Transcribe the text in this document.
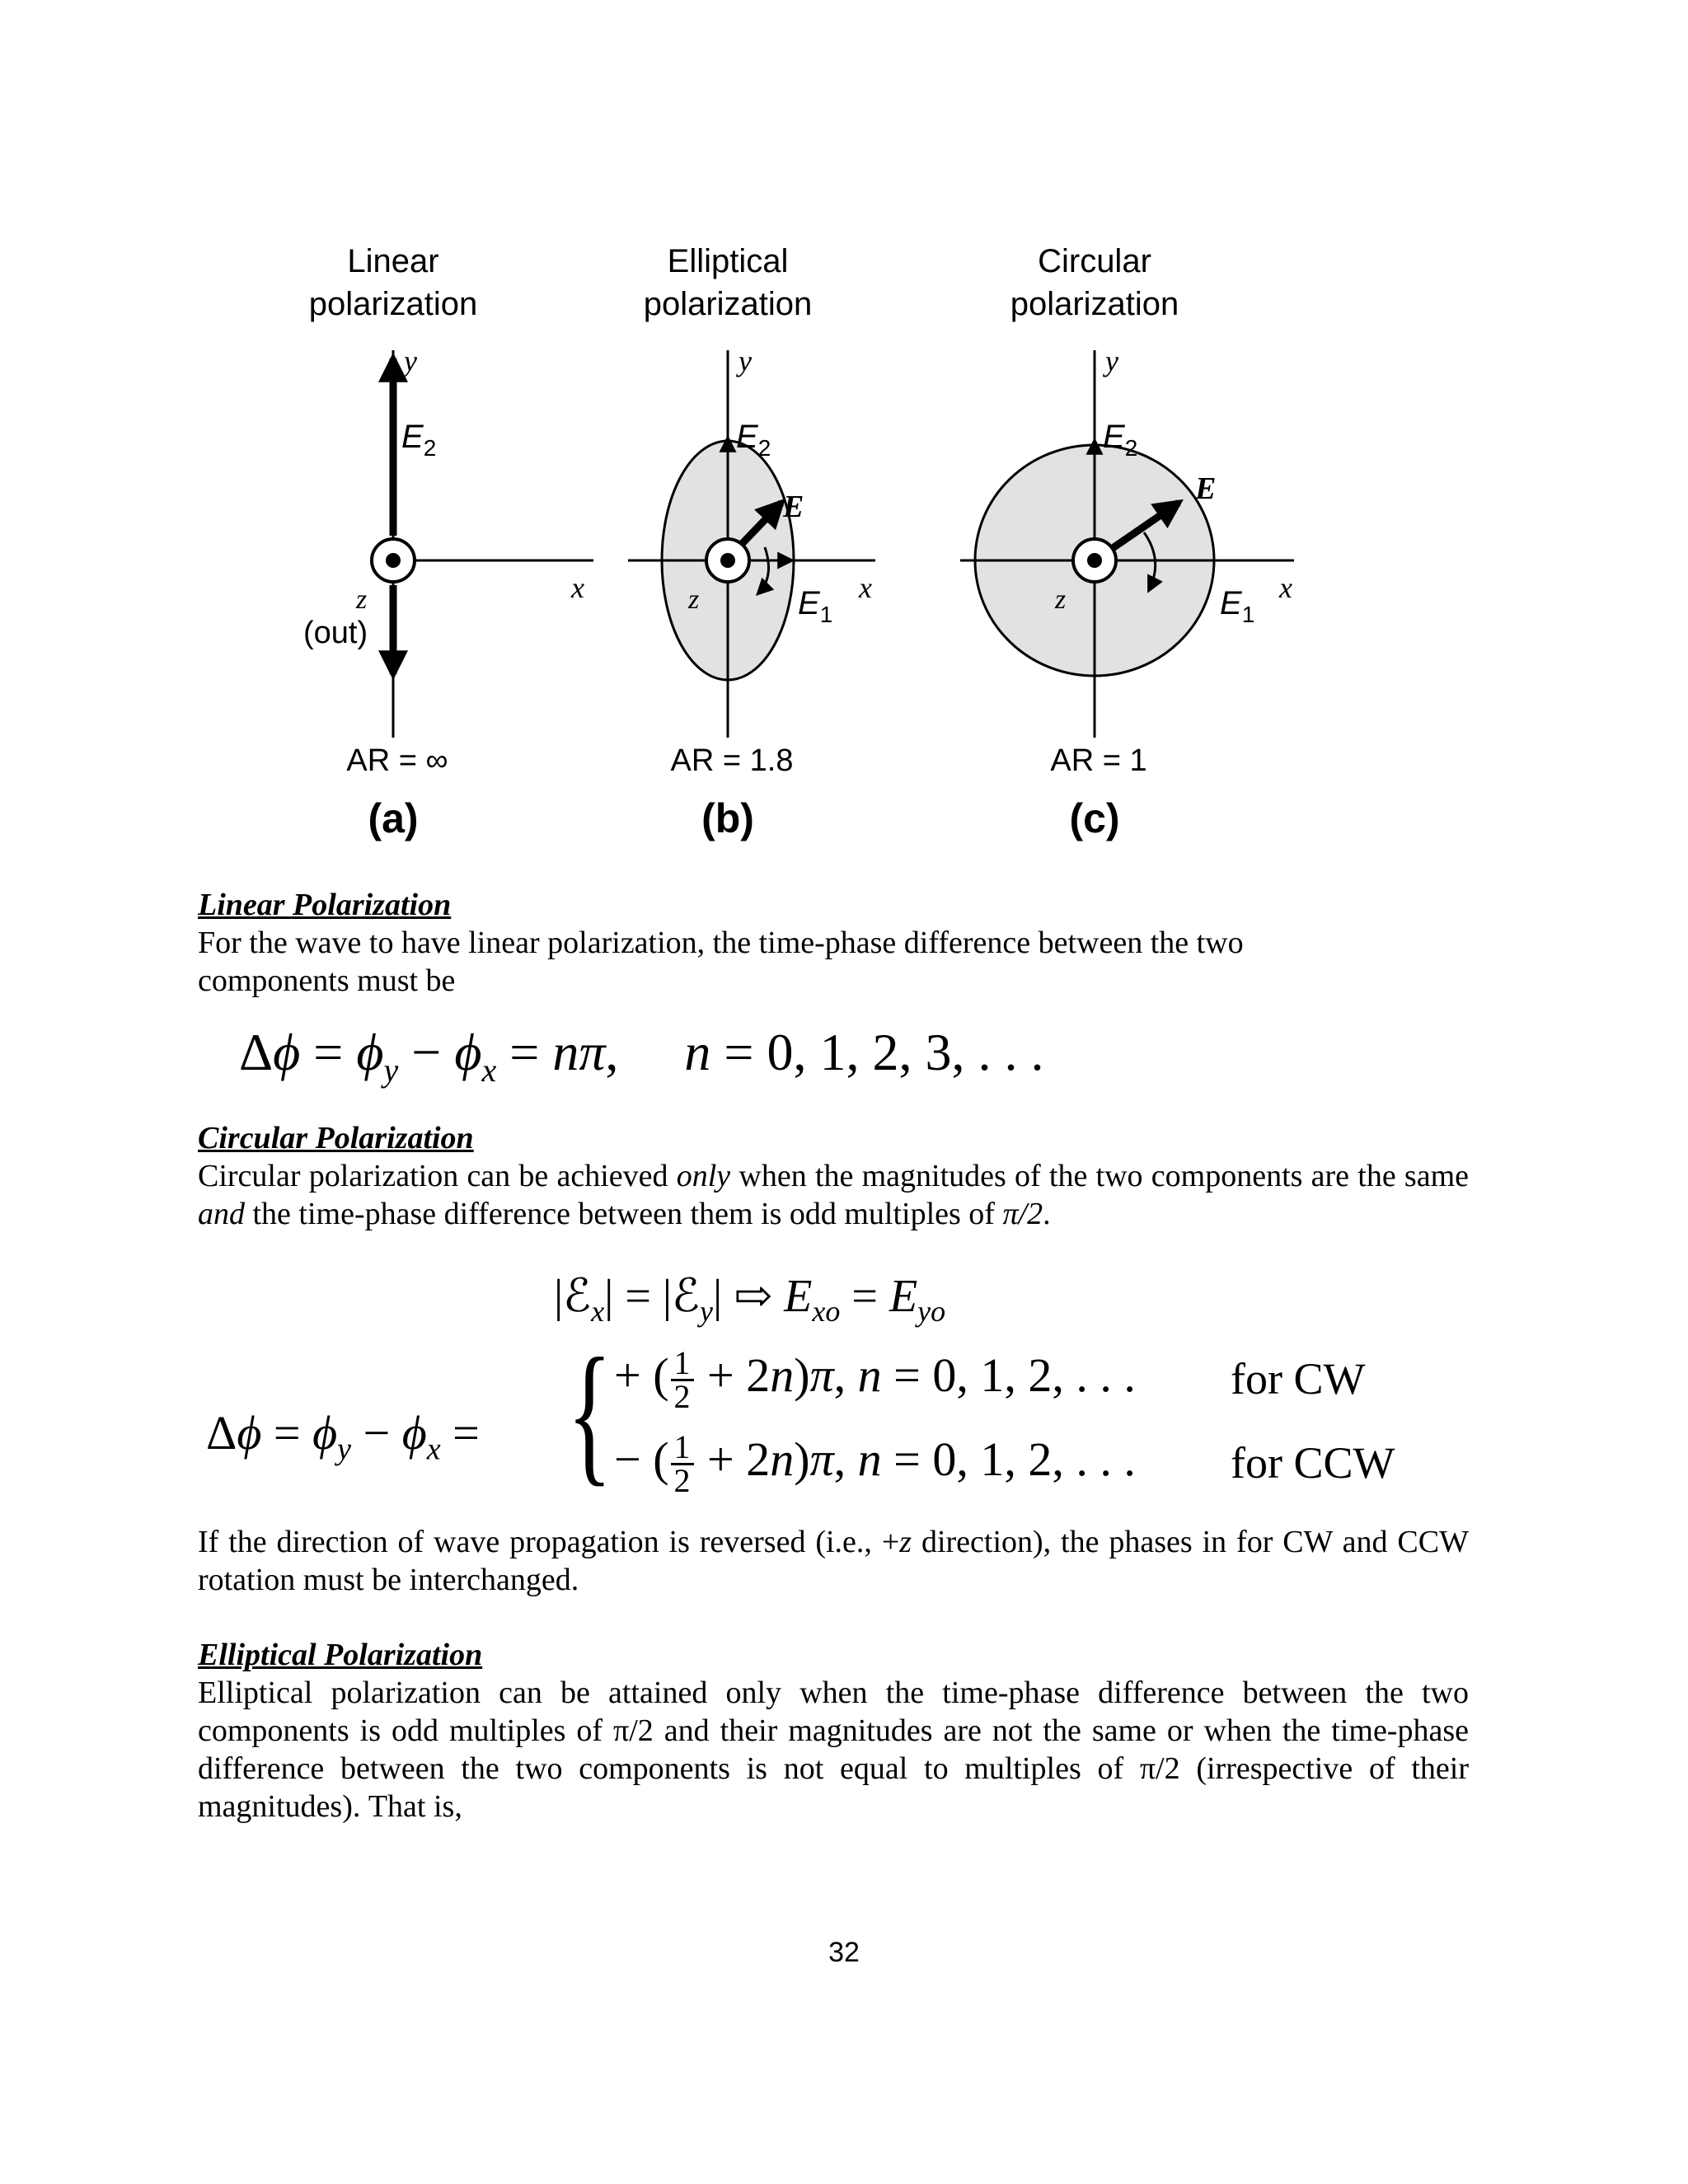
Linear
polarization
y
$E_2$
x
z
(out)
AR = ∞
(a)
Elliptical
polarization
y
$E_2$
E
$E_1$
x
z
AR = 1.8
(b)
Circular
polarization
y
$E_2$
E
$E_1$
x
z
AR = 1
(c)
Linear Polarization
For the wave to have linear polarization, the time-phase difference between the two components must be
$\Delta\phi = \phi_y - \phi_x = n\pi$,     n = 0, 1, 2, 3, . . .
Circular Polarization
Circular polarization can be achieved only when the magnitudes of the two components are the same and the time-phase difference between them is odd multiples of π/2.
|ℰ$_x$| = |ℰ$_y$| ⇨ $E_{xo} = E_{yo}$
$\Delta\phi = \phi_y - \phi_x$ = { + ( $\frac{1}{2} + 2n)\pi$, n = 0, 1, 2, . . . for CW
− ( $\frac{1}{2} + 2n)\pi$, n = 0, 1, 2, . . . for CCW
If the direction of wave propagation is reversed (i.e., +z direction), the phases in for CW and CCW rotation must be interchanged.
Elliptical Polarization
Elliptical polarization can be attained only when the time-phase difference between the two components is odd multiples of π/2 and their magnitudes are not the same or when the time-phase difference between the two components is not equal to multiples of π/2 (irrespective of their magnitudes). That is,
32
